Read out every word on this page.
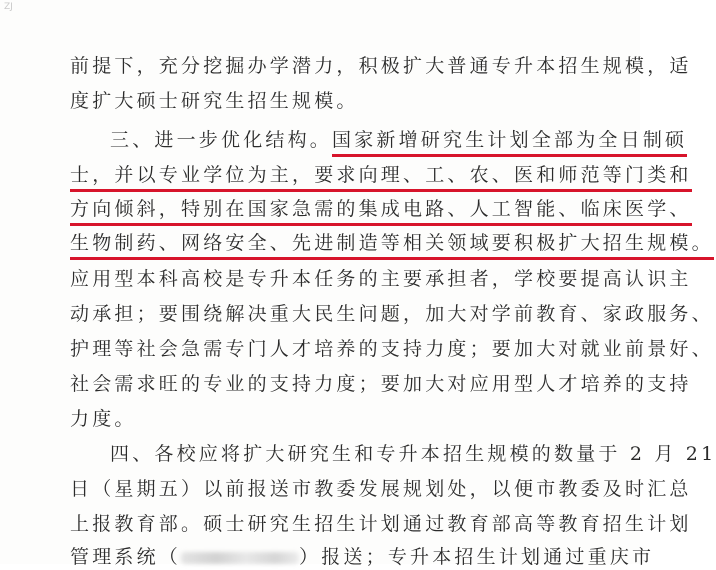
ZJ
前提下，充分挖掘办学潜力，积极扩大普通专升本招生规模，适
度扩大硕士研究生招生规模。
三、进一步优化结构。国家新增研究生计划全部为全日制硕
士，并以专业学位为主，要求向理、工、农、医和师范等门类和
方向倾斜，特别在国家急需的集成电路、人工智能、临床医学、
生物制药、网络安全、先进制造等相关领域要积极扩大招生规模。
应用型本科高校是专升本任务的主要承担者，学校要提高认识主
动承担；要围绕解决重大民生问题，加大对学前教育、家政服务、
护理等社会急需专门人才培养的支持力度；要加大对就业前景好、
社会需求旺的专业的支持力度；要加大对应用型人才培养的支持
力度。
四、各校应将扩大研究生和专升本招生规模的数量于 2 月 21
日（星期五）以前报送市教委发展规划处，以便市教委及时汇总
上报教育部。硕士研究生招生计划通过教育部高等教育招生计划
管理系统（	）报送；专升本招生计划通过重庆市
